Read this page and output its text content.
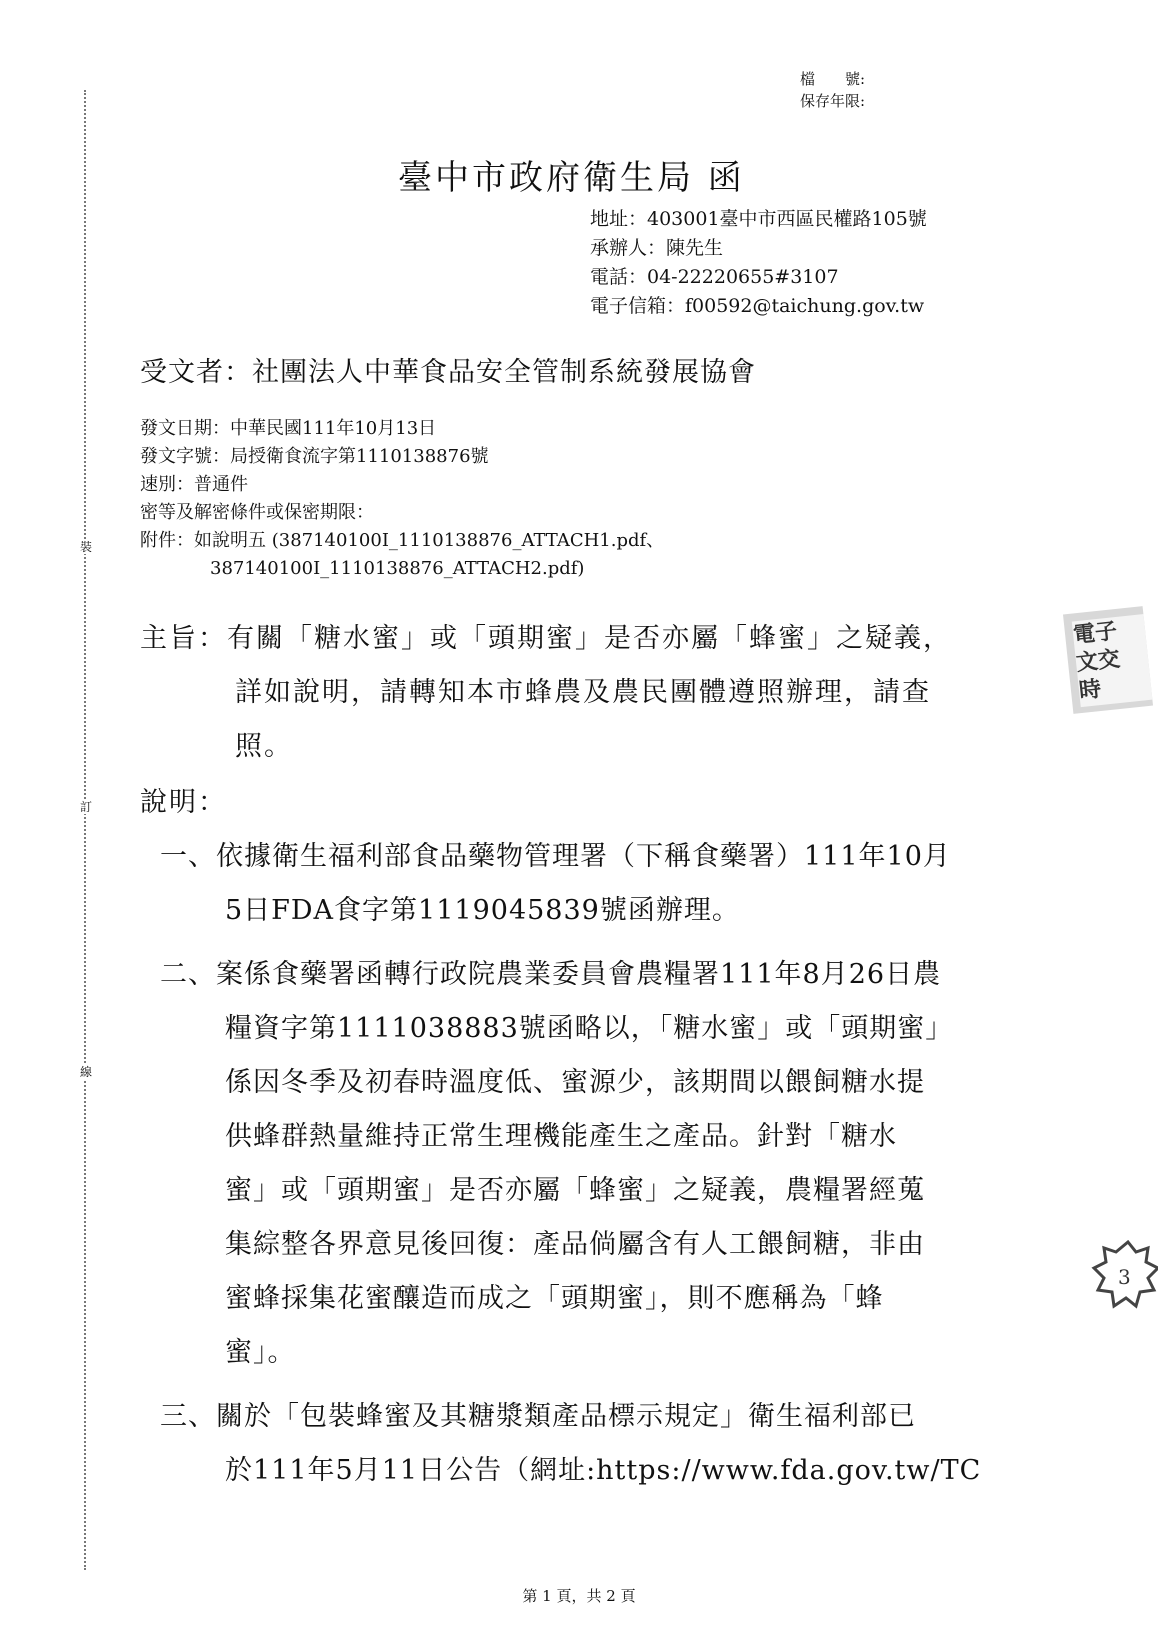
裝
訂
線
檔　　號:
保存年限:
臺中市政府衛生局 函
地址：403001臺中市西區民權路105號
承辦人：陳先生
電話：04-22220655#3107
電子信箱：f00592@taichung.gov.tw
受文者：社團法人中華食品安全管制系統發展協會
發文日期：中華民國111年10月13日
發文字號：局授衛食流字第1110138876號
速別：普通件
密等及解密條件或保密期限：
附件：如說明五 (387140100I_1110138876_ATTACH1.pdf、
387140100I_1110138876_ATTACH2.pdf)
主旨：有關「糖水蜜」或「頭期蜜」是否亦屬「蜂蜜」之疑義，
詳如說明，請轉知本市蜂農及農民團體遵照辦理，請查
照。
說明：
一、依據衛生福利部食品藥物管理署（下稱食藥署）111年10月
5日FDA食字第1119045839號函辦理。
二、案係食藥署函轉行政院農業委員會農糧署111年8月26日農
糧資字第1111038883號函略以，「糖水蜜」或「頭期蜜」
係因冬季及初春時溫度低、蜜源少，該期間以餵飼糖水提
供蜂群熱量維持正常生理機能產生之產品。針對「糖水
蜜」或「頭期蜜」是否亦屬「蜂蜜」之疑義，農糧署經蒐
集綜整各界意見後回復：產品倘屬含有人工餵飼糖，非由
蜜蜂採集花蜜釀造而成之「頭期蜜」，則不應稱為「蜂
蜜」。
三、關於「包裝蜂蜜及其糖漿類產品標示規定」衛生福利部已
於111年5月11日公告（網址:https://www.fda.gov.tw/TC
電子
文交
時
3
第 1 頁，共 2 頁
